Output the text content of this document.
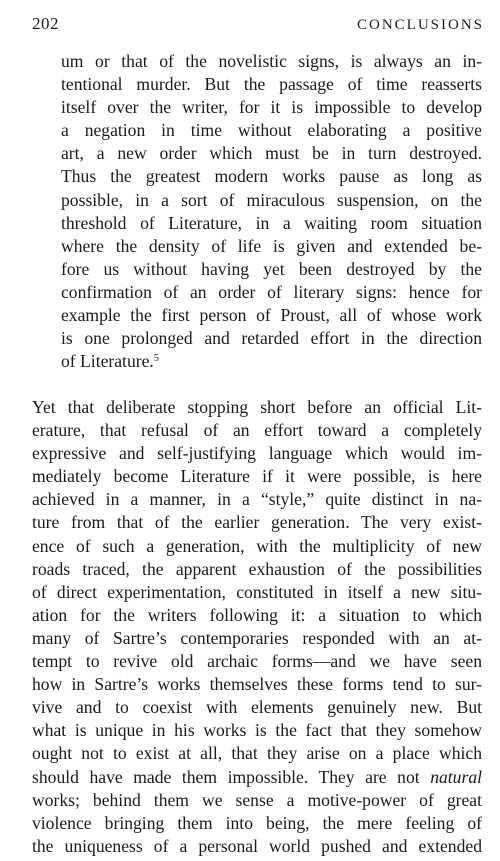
202	CONCLUSIONS
um or that of the novelistic signs, is always an in-
tentional murder. But the passage of time reasserts
itself over the writer, for it is impossible to develop
a negation in time without elaborating a positive
art, a new order which must be in turn destroyed.
Thus the greatest modern works pause as long as
possible, in a sort of miraculous suspension, on the
threshold of Literature, in a waiting room situation
where the density of life is given and extended be-
fore us without having yet been destroyed by the
confirmation of an order of literary signs: hence for
example the first person of Proust, all of whose work
is one prolonged and retarded effort in the direction
of Literature.$^5$
Yet that deliberate stopping short before an official Lit-
erature, that refusal of an effort toward a completely
expressive and self-justifying language which would im-
mediately become Literature if it were possible, is here
achieved in a manner, in a “style,” quite distinct in na-
ture from that of the earlier generation. The very exist-
ence of such a generation, with the multiplicity of new
roads traced, the apparent exhaustion of the possibilities
of direct experimentation, constituted in itself a new situ-
ation for the writers following it: a situation to which
many of Sartre’s contemporaries responded with an at-
tempt to revive old archaic forms—and we have seen
how in Sartre’s works themselves these forms tend to sur-
vive and to coexist with elements genuinely new. But
what is unique in his works is the fact that they somehow
ought not to exist at all, that they arise on a place which
should have made them impossible. They are not natural
works; behind them we sense a motive-power of great
violence bringing them into being, the mere feeling of
the uniqueness of a personal world pushed and extended
